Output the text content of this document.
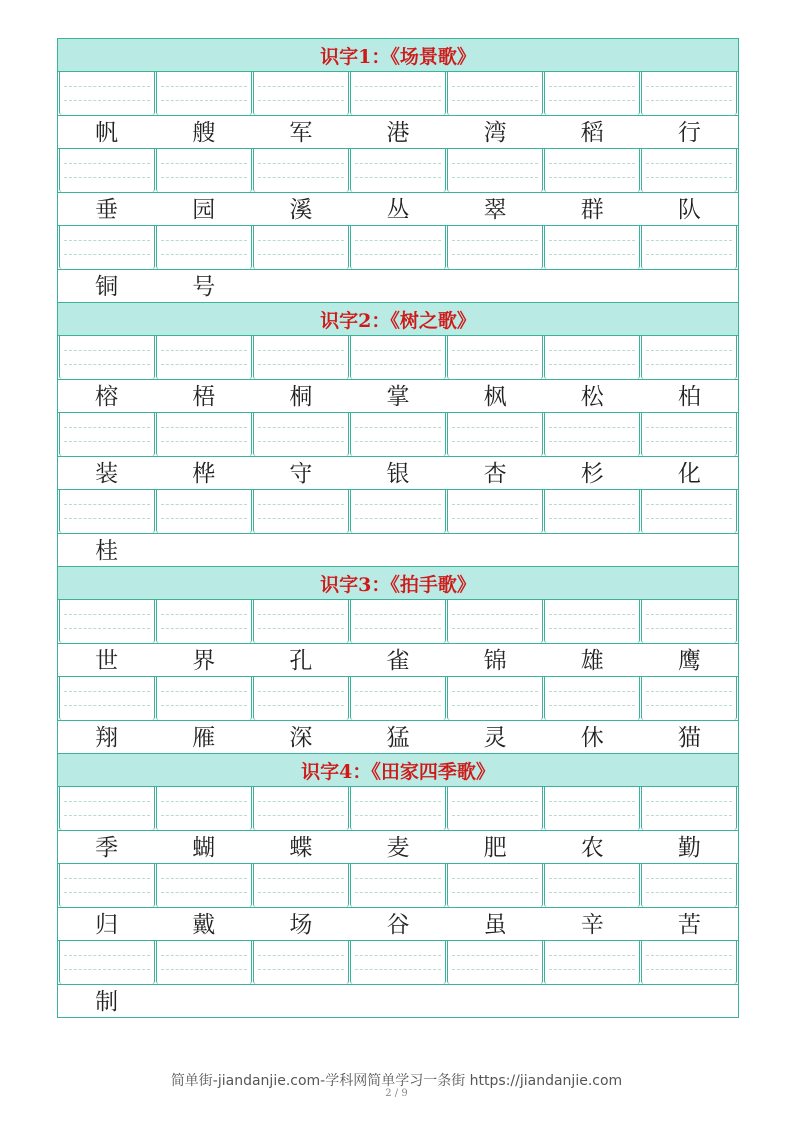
识字1：《场景歌》
帆	艘	军	港	湾	稻	行
垂	园	溪	丛	翠	群	队
铜	号
识字2：《树之歌》
榕	梧	桐	掌	枫	松	柏
装	桦	守	银	杏	杉	化
桂
识字3：《拍手歌》
世	界	孔	雀	锦	雄	鹰
翔	雁	深	猛	灵	休	猫
识字4：《田家四季歌》
季	蝴	蝶	麦	肥	农	勤
归	戴	场	谷	虽	辛	苦
制
简单街-jiandanjie.com-学科网简单学习一条街 https://jiandanjie.com
2 / 9
